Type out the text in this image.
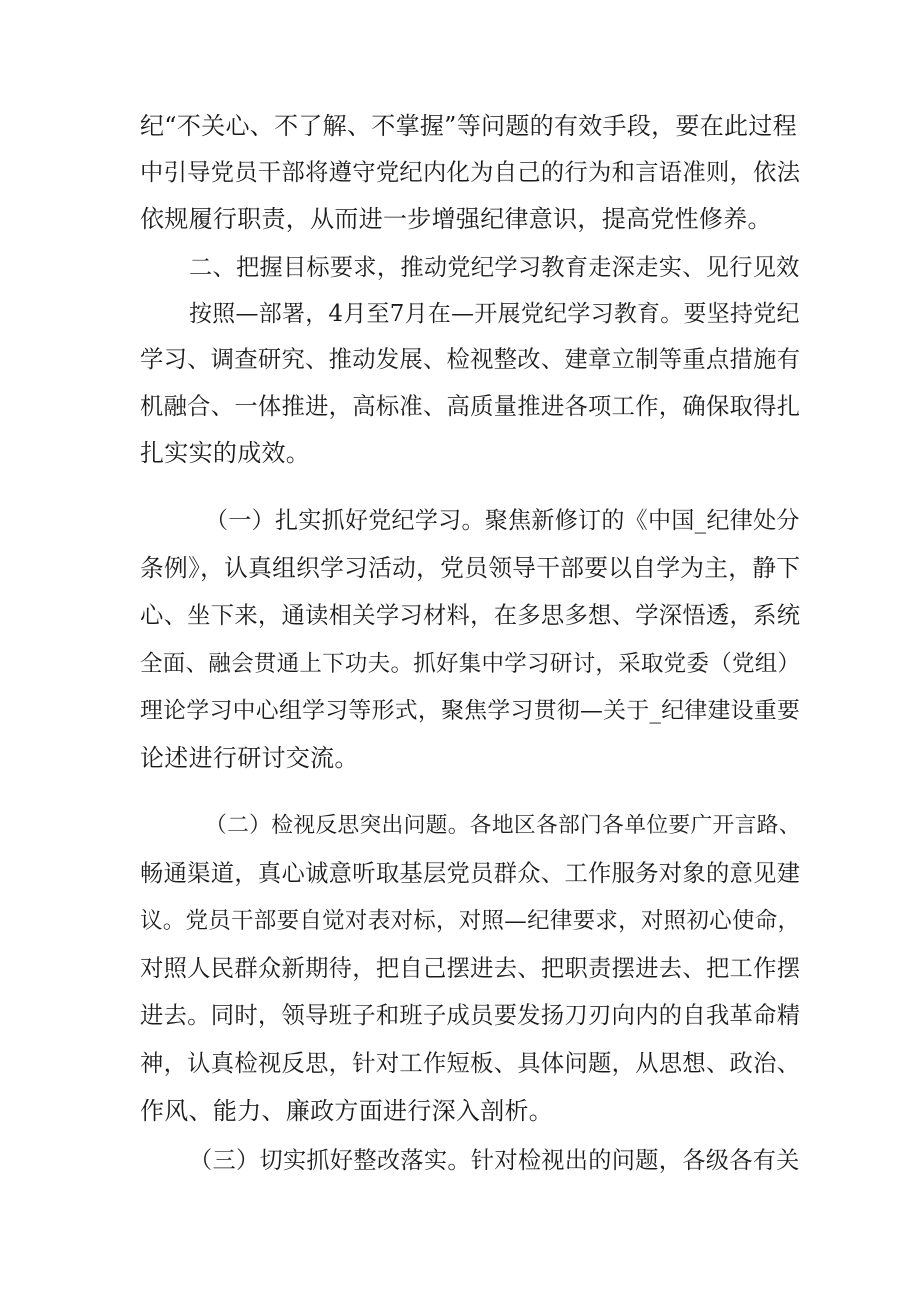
纪“不关心、不了解、不掌握”等问题的有效手段，要在此过程
中引导党员干部将遵守党纪内化为自己的行为和言语准则，依法
依规履行职责，从而进一步增强纪律意识，提高党性修养。
二、把握目标要求，推动党纪学习教育走深走实、见行见效
按照—部署，4月至7月在—开展党纪学习教育。要坚持党纪
学习、调查研究、推动发展、检视整改、建章立制等重点措施有
机融合、一体推进，高标准、高质量推进各项工作，确保取得扎
扎实实的成效。
（一）扎实抓好党纪学习。聚焦新修订的《中国_纪律处分
条例》，认真组织学习活动，党员领导干部要以自学为主，静下
心、坐下来，通读相关学习材料，在多思多想、学深悟透，系统
全面、融会贯通上下功夫。抓好集中学习研讨，采取党委（党组）
理论学习中心组学习等形式，聚焦学习贯彻—关于_纪律建设重要
论述进行研讨交流。
（二）检视反思突出问题。各地区各部门各单位要广开言路、
畅通渠道，真心诚意听取基层党员群众、工作服务对象的意见建
议。党员干部要自觉对表对标，对照—纪律要求，对照初心使命，
对照人民群众新期待，把自己摆进去、把职责摆进去、把工作摆
进去。同时，领导班子和班子成员要发扬刀刃向内的自我革命精
神，认真检视反思，针对工作短板、具体问题，从思想、政治、
作风、能力、廉政方面进行深入剖析。
（三）切实抓好整改落实。针对检视出的问题，各级各有关
